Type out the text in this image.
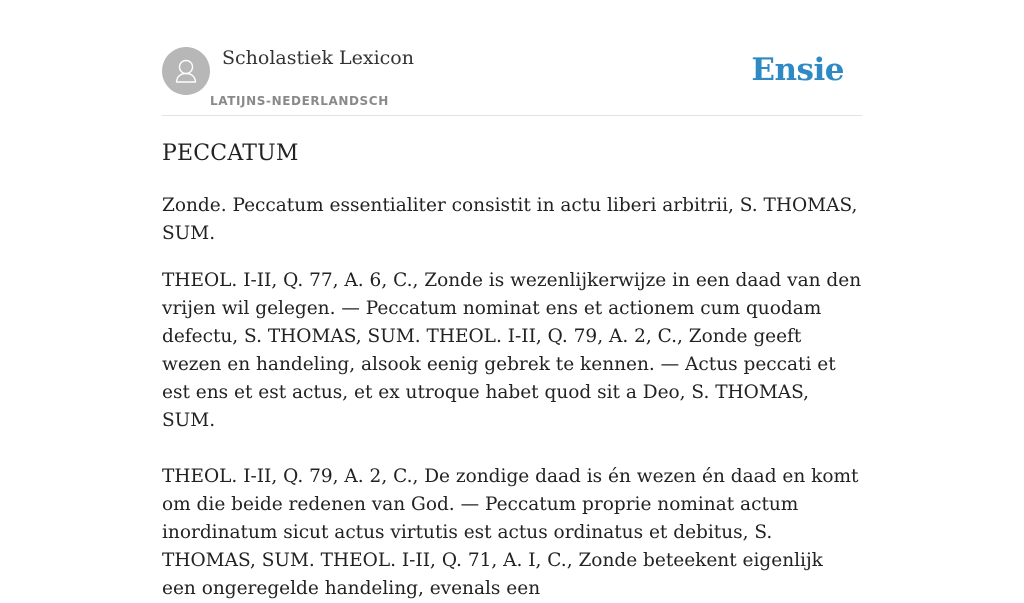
Scholastiek Lexicon
LATIJNS-NEDERLANDSCH
Ensie
PECCATUM

Zonde. Peccatum essentialiter consistit in actu liberi arbitrii, S. THOMAS, SUM.

THEOL. I-II, Q. 77, A. 6, C., Zonde is wezenlijkerwijze in een daad van den vrijen wil gelegen. — Peccatum nominat ens et actionem cum quodam defectu, S. THOMAS, SUM. THEOL. I-II, Q. 79, A. 2, C., Zonde geeft wezen en handeling, alsook eenig gebrek te kennen. — Actus peccati et est ens et est actus, et ex utroque habet quod sit a Deo, S. THOMAS, SUM.

THEOL. I-II, Q. 79, A. 2, C., De zondige daad is én wezen én daad en komt om die beide redenen van God. — Peccatum proprie nominat actum inordinatum sicut actus virtutis est actus ordinatus et debitus, S. THOMAS, SUM. THEOL. I-II, Q. 71, A. I, C., Zonde beteekent eigenlijk een ongeregelde handeling, evenals een
